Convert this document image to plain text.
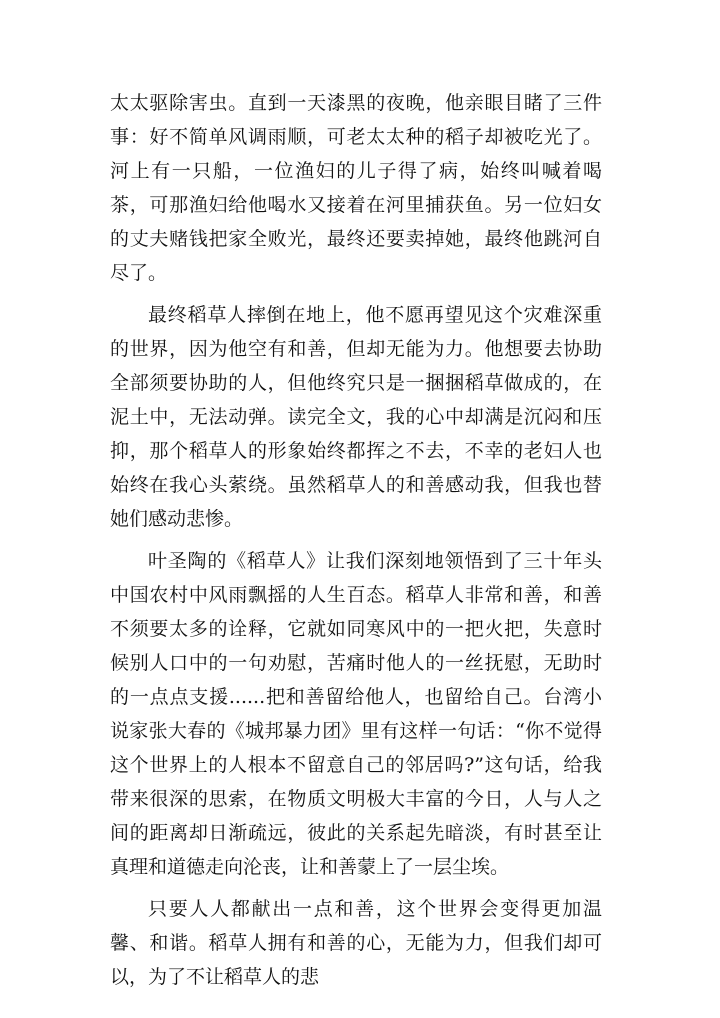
太太驱除害虫。直到一天漆黑的夜晚，他亲眼目睹了三件事：好不简单风调雨顺，可老太太种的稻子却被吃光了。河上有一只船，一位渔妇的儿子得了病，始终叫喊着喝茶，可那渔妇给他喝水又接着在河里捕获鱼。另一位妇女的丈夫赌钱把家全败光，最终还要卖掉她，最终他跳河自尽了。

最终稻草人摔倒在地上，他不愿再望见这个灾难深重的世界，因为他空有和善，但却无能为力。他想要去协助全部须要协助的人，但他终究只是一捆捆稻草做成的，在泥土中，无法动弹。读完全文，我的心中却满是沉闷和压抑，那个稻草人的形象始终都挥之不去，不幸的老妇人也始终在我心头萦绕。虽然稻草人的和善感动我，但我也替她们感动悲惨。

叶圣陶的《稻草人》让我们深刻地领悟到了三十年头中国农村中风雨飘摇的人生百态。稻草人非常和善，和善不须要太多的诠释，它就如同寒风中的一把火把，失意时候别人口中的一句劝慰，苦痛时他人的一丝抚慰，无助时的一点点支援......把和善留给他人，也留给自己。台湾小说家张大春的《城邦暴力团》里有这样一句话：“你不觉得这个世界上的人根本不留意自己的邻居吗?”这句话，给我带来很深的思索，在物质文明极大丰富的今日，人与人之间的距离却日渐疏远，彼此的关系起先暗淡，有时甚至让真理和道德走向沦丧，让和善蒙上了一层尘埃。

只要人人都献出一点和善，这个世界会变得更加温馨、和谐。稻草人拥有和善的心，无能为力，但我们却可以，为了不让稻草人的悲
